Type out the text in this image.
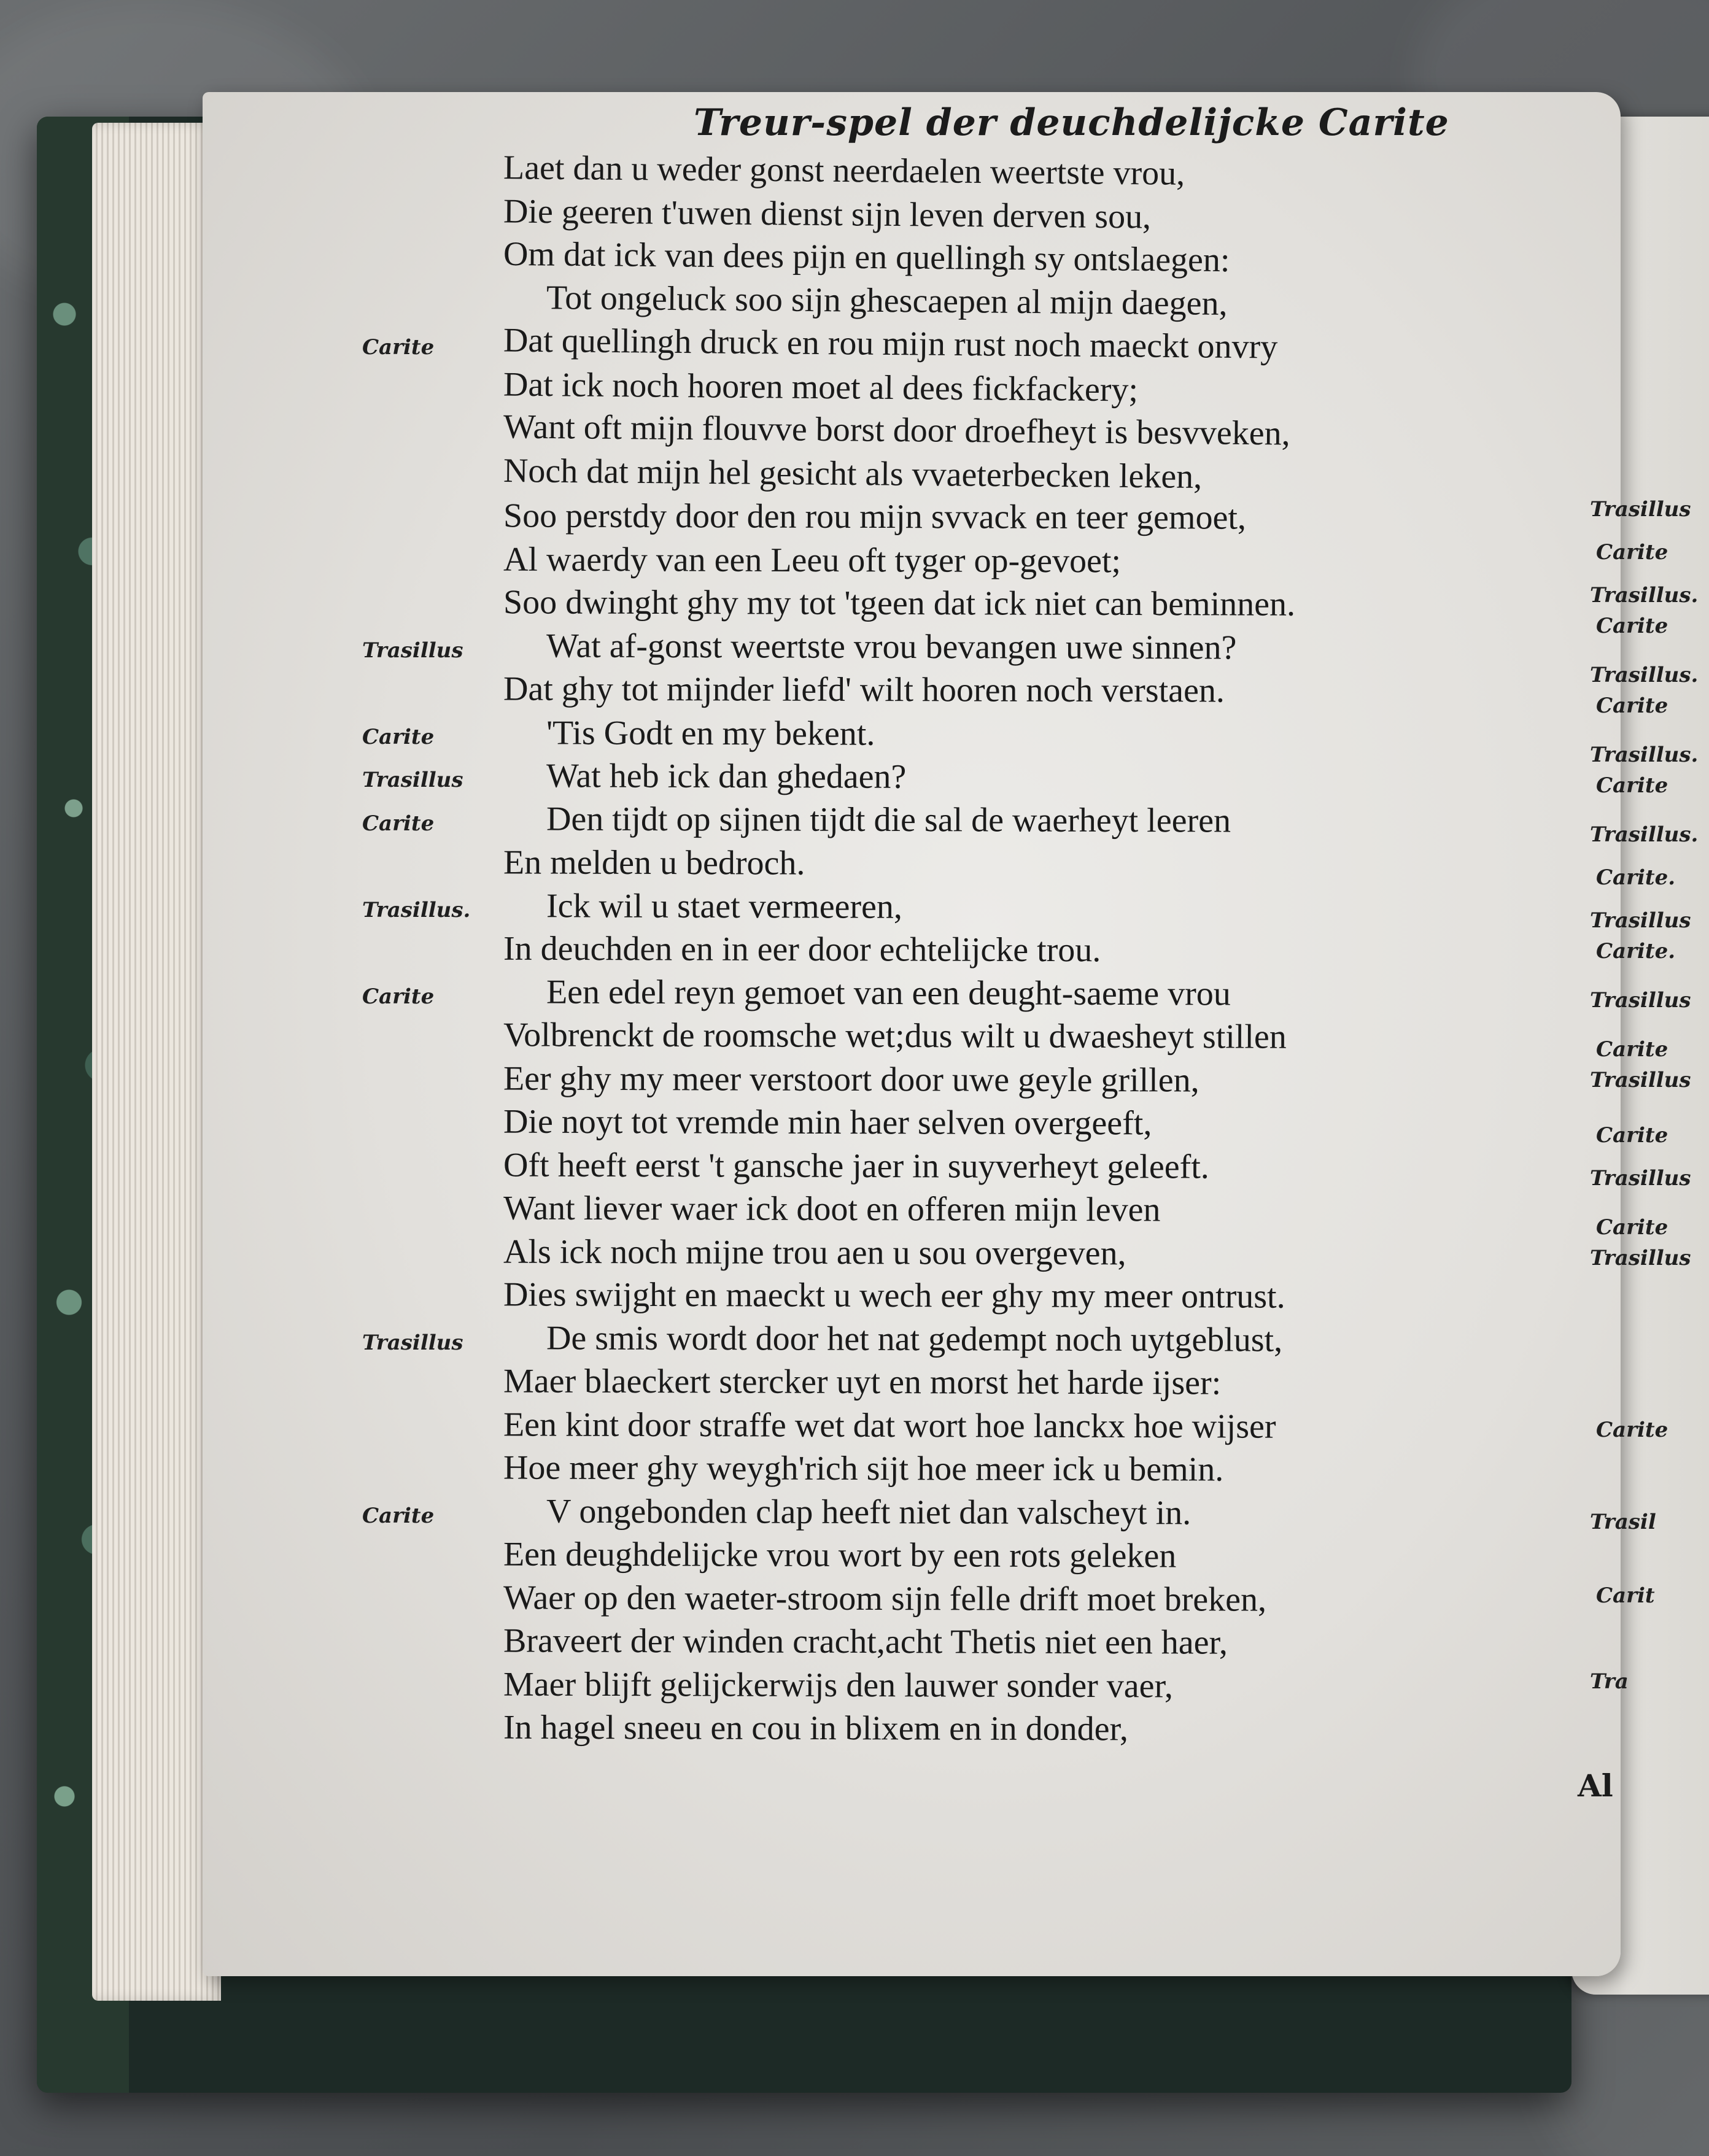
Treur-spel der deuchdelijcke Carite
Al
Laet dan u weder gonst neerdaelen weertste vrou,
Die geeren t'uwen dienst sijn leven derven sou,
Om dat ick van dees pijn en quellingh sy ontslaegen:
Tot ongeluck soo sijn ghescaepen al mijn daegen,
Dat quellingh druck en rou mijn rust noch maeckt onvry
Dat ick noch hooren moet al dees fickfackery;
Want oft mijn flouvve borst door droefheyt is besvveken,
Noch dat mijn hel gesicht als vvaeterbecken leken,
Soo perstdy door den rou mijn svvack en teer gemoet,
Al waerdy van een Leeu oft tyger op-gevoet;
Soo dwinght ghy my tot 'tgeen dat ick niet can beminnen.
Wat af-gonst weertste vrou bevangen uwe sinnen?
Dat ghy tot mijnder liefd' wilt hooren noch verstaen.
'Tis Godt en my bekent.
Wat heb ick dan ghedaen?
Den tijdt op sijnen tijdt die sal de waerheyt leeren
En melden u bedroch.
Ick wil u staet vermeeren,
In deuchden en in eer door echtelijcke trou.
Een edel reyn gemoet van een deught-saeme vrou
Volbrenckt de roomsche wet;dus wilt u dwaesheyt stillen
Eer ghy my meer verstoort door uwe geyle grillen,
Die noyt tot vremde min haer selven overgeeft,
Oft heeft eerst 't gansche jaer in suyverheyt geleeft.
Want liever waer ick doot en offeren mijn leven
Als ick noch mijne trou aen u sou overgeven,
Dies swijght en maeckt u wech eer ghy my meer ontrust.
De smis wordt door het nat gedempt noch uytgeblust,
Maer blaeckert stercker uyt en morst het harde ijser:
Een kint door straffe wet dat wort hoe lanckx hoe wijser
Hoe meer ghy weygh'rich sijt hoe meer ick u bemin.
V ongebonden clap heeft niet dan valscheyt in.
Een deughdelijcke vrou wort by een rots geleken
Waer op den waeter-stroom sijn felle drift moet breken,
Braveert der winden cracht,acht Thetis niet een haer,
Maer blijft gelijckerwijs den lauwer sonder vaer,
In hagel sneeu en cou in blixem en in donder,
Carite
Trasillus
Carite
Trasillus
Carite
Trasillus.
Carite
Trasillus
Carite
Trasillus
Carite
Trasillus.
Carite
Trasillus.
Carite
Trasillus.
Carite
Trasillus.
Carite.
Trasillus
Carite.
Trasillus
Carite
Trasillus
Carite
Trasillus
Carite
Trasillus
Carite
Trasil
Carit
Tra
